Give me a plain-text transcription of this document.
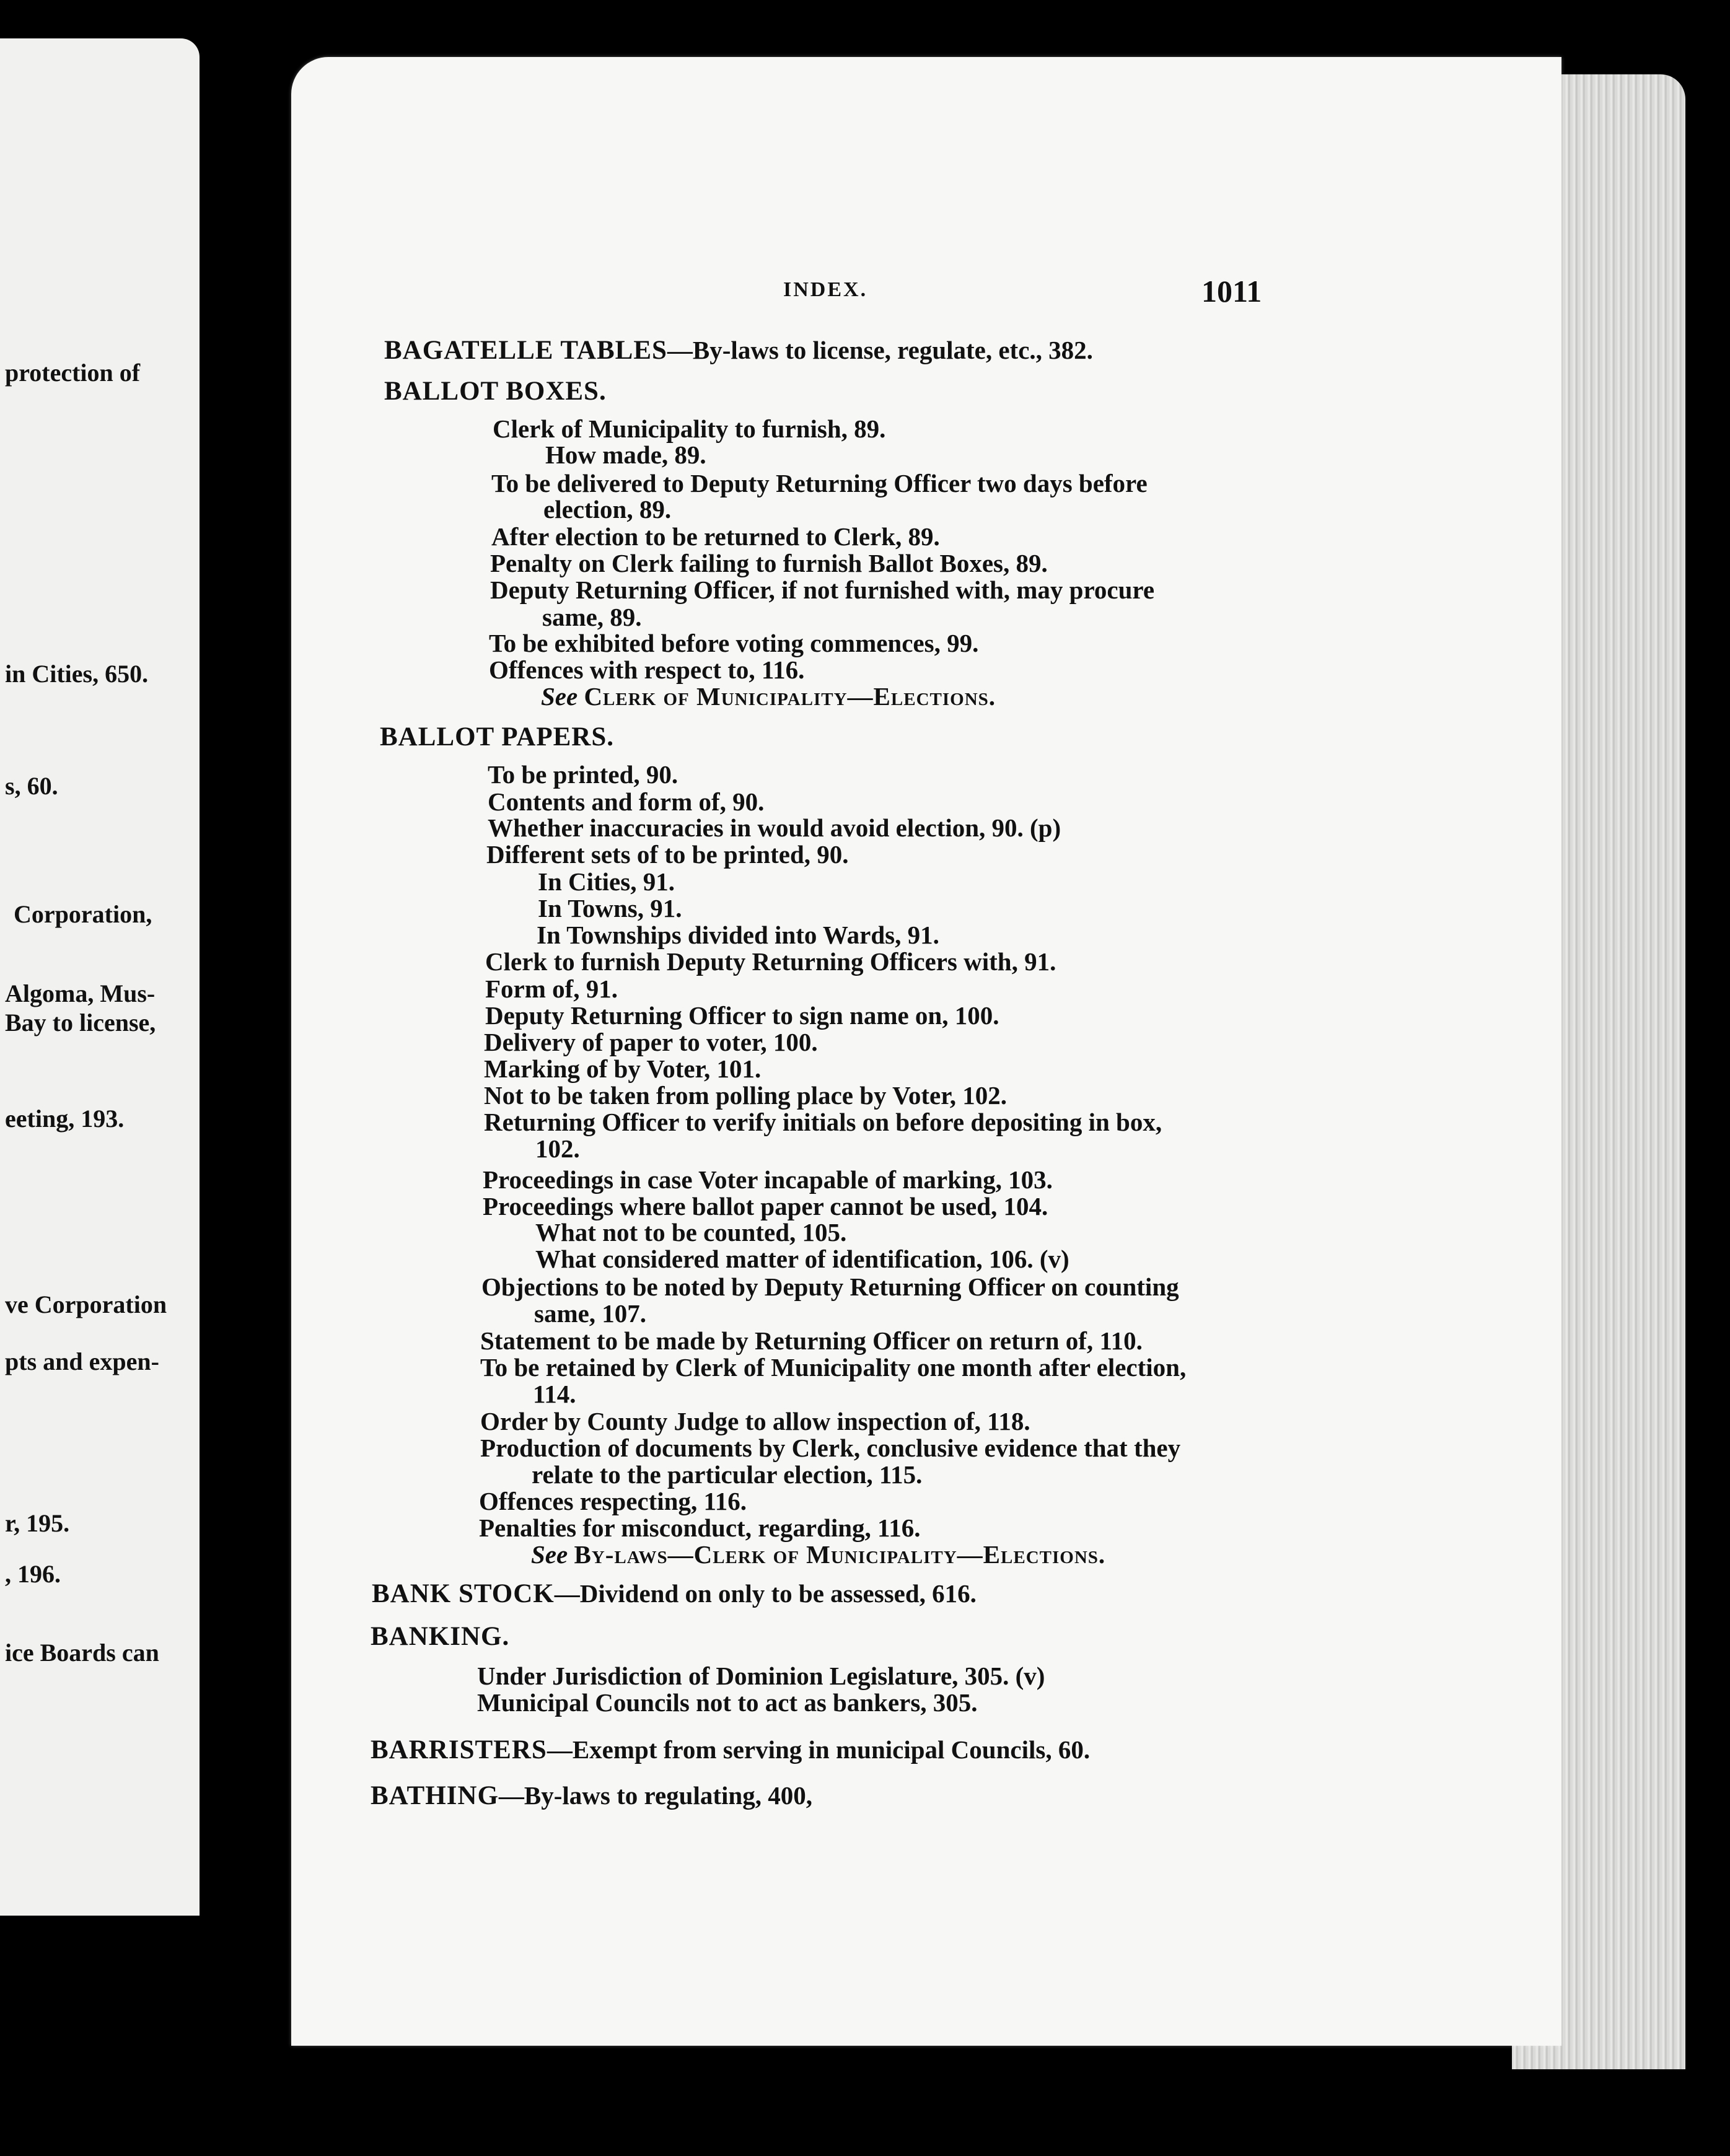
protection of
in Cities, 650.
s, 60.
Corporation,
Algoma, Mus-
Bay to license,
eeting, 193.
ve Corporation
pts and expen-
r, 195.
, 196.
ice Boards can
INDEX.	1011
BAGATELLE TABLES—By-laws to license, regulate, etc., 382.
BALLOT BOXES.
Clerk of Municipality to furnish, 89.
How made, 89.
To be delivered to Deputy Returning Officer two days before
election, 89.
After election to be returned to Clerk, 89.
Penalty on Clerk failing to furnish Ballot Boxes, 89.
Deputy Returning Officer, if not furnished with, may procure
same, 89.
To be exhibited before voting commences, 99.
Offences with respect to, 116.
See Clerk of Municipality—Elections.
BALLOT PAPERS.
To be printed, 90.
Contents and form of, 90.
Whether inaccuracies in would avoid election, 90. (p)
Different sets of to be printed, 90.
In Cities, 91.
In Towns, 91.
In Townships divided into Wards, 91.
Clerk to furnish Deputy Returning Officers with, 91.
Form of, 91.
Deputy Returning Officer to sign name on, 100.
Delivery of paper to voter, 100.
Marking of by Voter, 101.
Not to be taken from polling place by Voter, 102.
Returning Officer to verify initials on before depositing in box,
102.
Proceedings in case Voter incapable of marking, 103.
Proceedings where ballot paper cannot be used, 104.
What not to be counted, 105.
What considered matter of identification, 106. (v)
Objections to be noted by Deputy Returning Officer on counting
same, 107.
Statement to be made by Returning Officer on return of, 110.
To be retained by Clerk of Municipality one month after election,
114.
Order by County Judge to allow inspection of, 118.
Production of documents by Clerk, conclusive evidence that they
relate to the particular election, 115.
Offences respecting, 116.
Penalties for misconduct, regarding, 116.
See By-laws—Clerk of Municipality—Elections.
BANK STOCK—Dividend on only to be assessed, 616.
BANKING.
Under Jurisdiction of Dominion Legislature, 305. (v)
Municipal Councils not to act as bankers, 305.
BARRISTERS—Exempt from serving in municipal Councils, 60.
BATHING—By-laws to regulating, 400,
